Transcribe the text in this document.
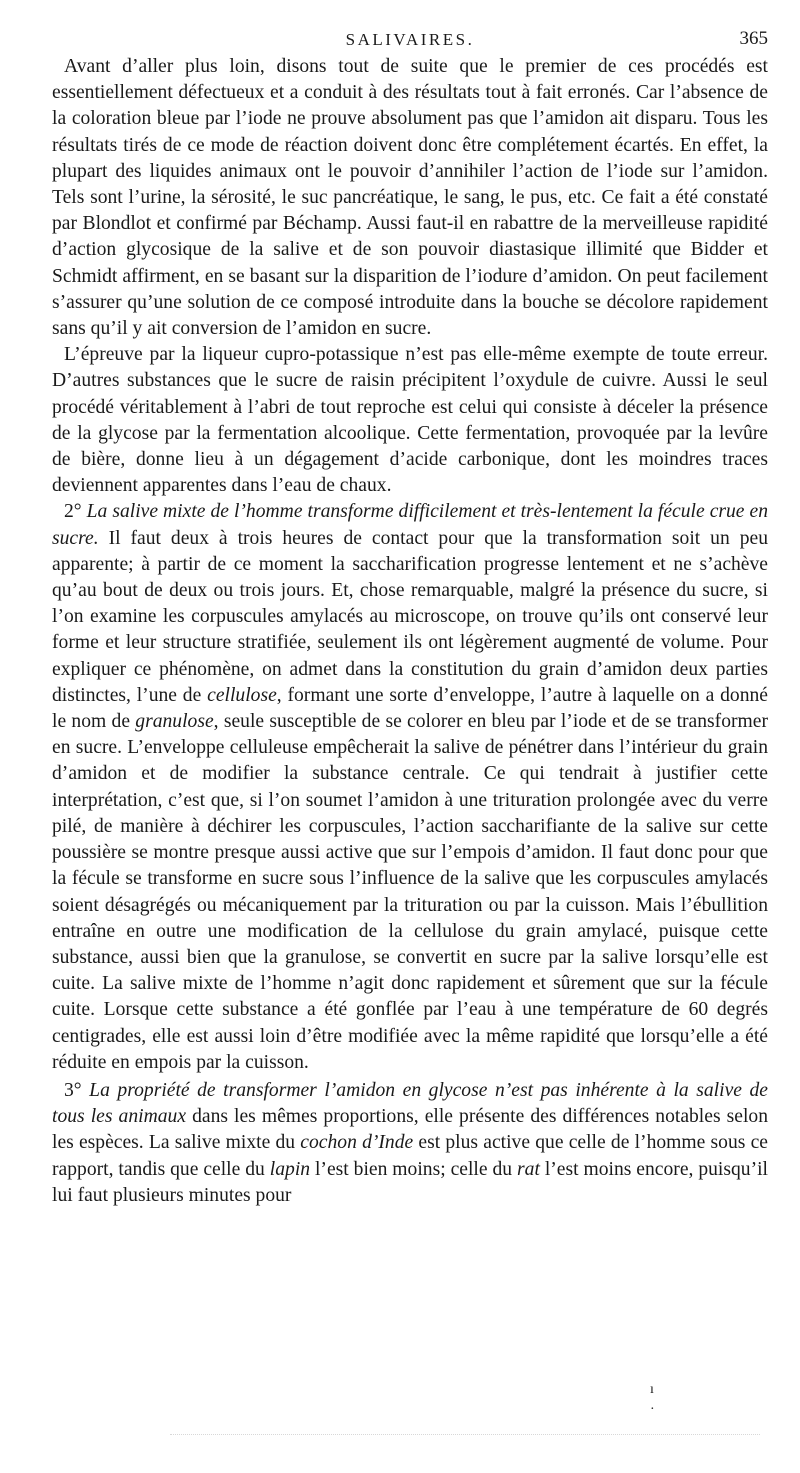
SALIVAIRES.	365

Avant d’aller plus loin, disons tout de suite que le premier de ces procédés est essentiellement défectueux et a conduit à des résultats tout à fait erronés. Car l’absence de la coloration bleue par l’iode ne prouve absolument pas que l’amidon ait disparu. Tous les résultats tirés de ce mode de réaction doivent donc être complétement écartés. En effet, la plupart des liquides animaux ont le pouvoir d’annihiler l’action de l’iode sur l’amidon. Tels sont l’urine, la sérosité, le suc pancréatique, le sang, le pus, etc. Ce fait a été constaté par Blondlot et confirmé par Béchamp. Aussi faut-il en rabattre de la merveilleuse rapidité d’action glycosique de la salive et de son pouvoir diastasique illimité que Bidder et Schmidt affirment, en se basant sur la disparition de l’iodure d’amidon. On peut facilement s’assurer qu’une solution de ce composé introduite dans la bouche se décolore rapidement sans qu’il y ait conversion de l’amidon en sucre.

L’épreuve par la liqueur cupro-potassique n’est pas elle-même exempte de toute erreur. D’autres substances que le sucre de raisin précipitent l’oxydule de cuivre. Aussi le seul procédé véritablement à l’abri de tout reproche est celui qui consiste à déceler la présence de la glycose par la fermentation alcoolique. Cette fermentation, provoquée par la levûre de bière, donne lieu à un dégagement d’acide carbonique, dont les moindres traces deviennent apparentes dans l’eau de chaux.

2° La salive mixte de l’homme transforme difficilement et très-lentement la fécule crue en sucre. Il faut deux à trois heures de contact pour que la transformation soit un peu apparente; à partir de ce moment la saccharification progresse lentement et ne s’achève qu’au bout de deux ou trois jours. Et, chose remarquable, malgré la présence du sucre, si l’on examine les corpuscules amylacés au microscope, on trouve qu’ils ont conservé leur forme et leur structure stratifiée, seulement ils ont légèrement augmenté de volume. Pour expliquer ce phénomène, on admet dans la constitution du grain d’amidon deux parties distinctes, l’une de cellulose, formant une sorte d’enveloppe, l’autre à laquelle on a donné le nom de granulose, seule susceptible de se colorer en bleu par l’iode et de se transformer en sucre. L’enveloppe celluleuse empêcherait la salive de pénétrer dans l’intérieur du grain d’amidon et de modifier la substance centrale. Ce qui tendrait à justifier cette interprétation, c’est que, si l’on soumet l’amidon à une trituration prolongée avec du verre pilé, de manière à déchirer les corpuscules, l’action saccharifiante de la salive sur cette poussière se montre presque aussi active que sur l’empois d’amidon. Il faut donc pour que la fécule se transforme en sucre sous l’influence de la salive que les corpuscules amylacés soient désagrégés ou mécaniquement par la trituration ou par la cuisson. Mais l’ébullition entraîne en outre une modification de la cellulose du grain amylacé, puisque cette substance, aussi bien que la granulose, se convertit en sucre par la salive lorsqu’elle est cuite. La salive mixte de l’homme n’agit donc rapidement et sûrement que sur la fécule cuite. Lorsque cette substance a été gonflée par l’eau à une température de 60 degrés centigrades, elle est aussi loin d’être modifiée avec la même rapidité que lorsqu’elle a été réduite en empois par la cuisson.

3° La propriété de transformer l’amidon en glycose n’est pas inhérente à la salive de tous les animaux dans les mêmes proportions, elle présente des différences notables selon les espèces. La salive mixte du cochon d’Inde est plus active que celle de l’homme sous ce rapport, tandis que celle du lapin l’est bien moins; celle du rat l’est moins encore, puisqu’il lui faut plusieurs minutes pour

ı
·
